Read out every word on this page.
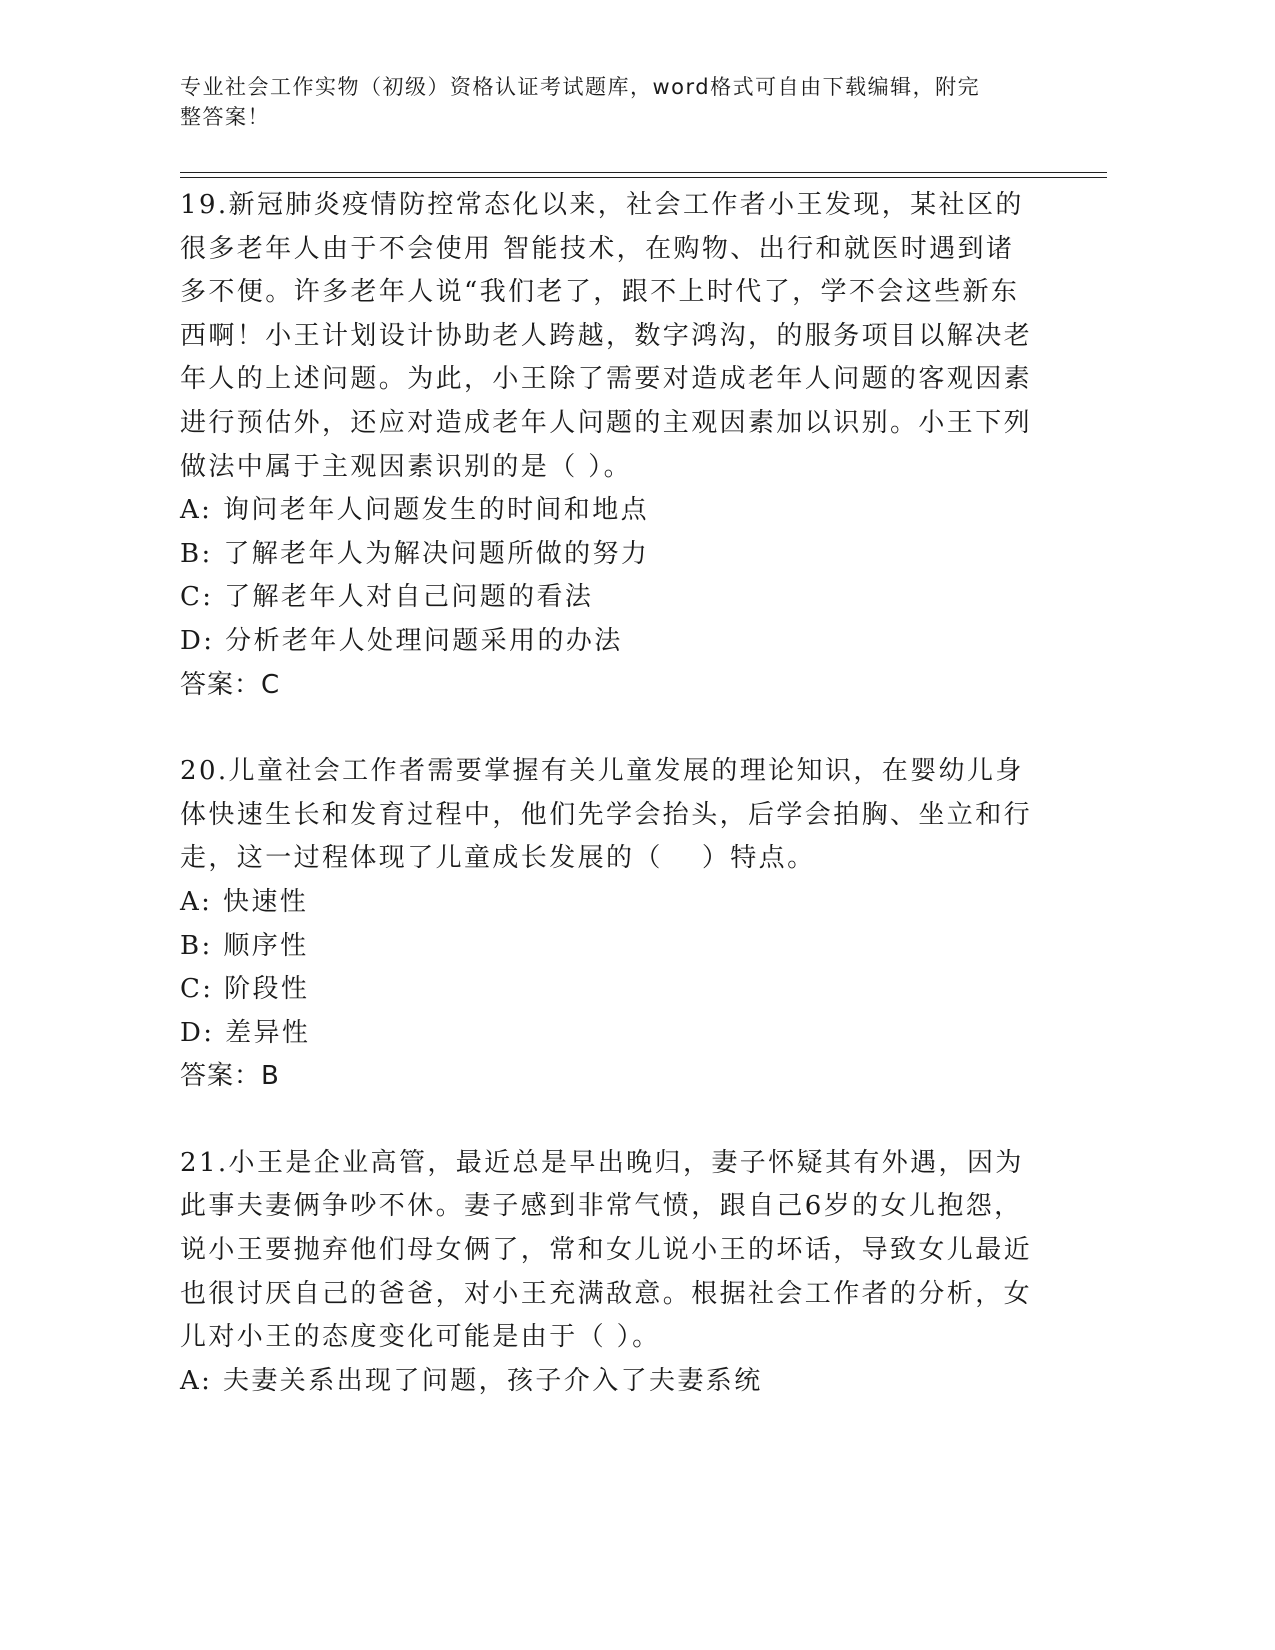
专业社会工作实物（初级）资格认证考试题库，word格式可自由下载编辑，附完
整答案！

19.新冠肺炎疫情防控常态化以来，社会工作者小王发现，某社区的很多老年人由于不会使用 智能技术，在购物、出行和就医时遇到诸多不便。许多老年人说“我们老了，跟不上时代了，学不会这些新东西啊！小王计划设计协助老人跨越，数字鸿沟，的服务项目以解决老年人的上述问题。为此，小王除了需要对造成老年人问题的客观因素进行预估外，还应对造成老年人问题的主观因素加以识别。小王下列做法中属于主观因素识别的是（ ）。

A: 询问老年人问题发生的时间和地点

B: 了解老年人为解决问题所做的努力

C: 了解老年人对自己问题的看法

D: 分析老年人处理问题采用的办法

答案：C

20.儿童社会工作者需要掌握有关儿童发展的理论知识，在婴幼儿身体快速生长和发育过程中，他们先学会抬头，后学会拍胸、坐立和行走，这一过程体现了儿童成长发展的（　 ）特点。

A: 快速性

B: 顺序性

C: 阶段性

D: 差异性

答案：B

21.小王是企业高管，最近总是早出晚归，妻子怀疑其有外遇，因为此事夫妻俩争吵不休。妻子感到非常气愤，跟自己6岁的女儿抱怨，说小王要抛弃他们母女俩了，常和女儿说小王的坏话，导致女儿最近也很讨厌自己的爸爸，对小王充满敌意。根据社会工作者的分析，女儿对小王的态度变化可能是由于（ ）。

A: 夫妻关系出现了问题，孩子介入了夫妻系统
